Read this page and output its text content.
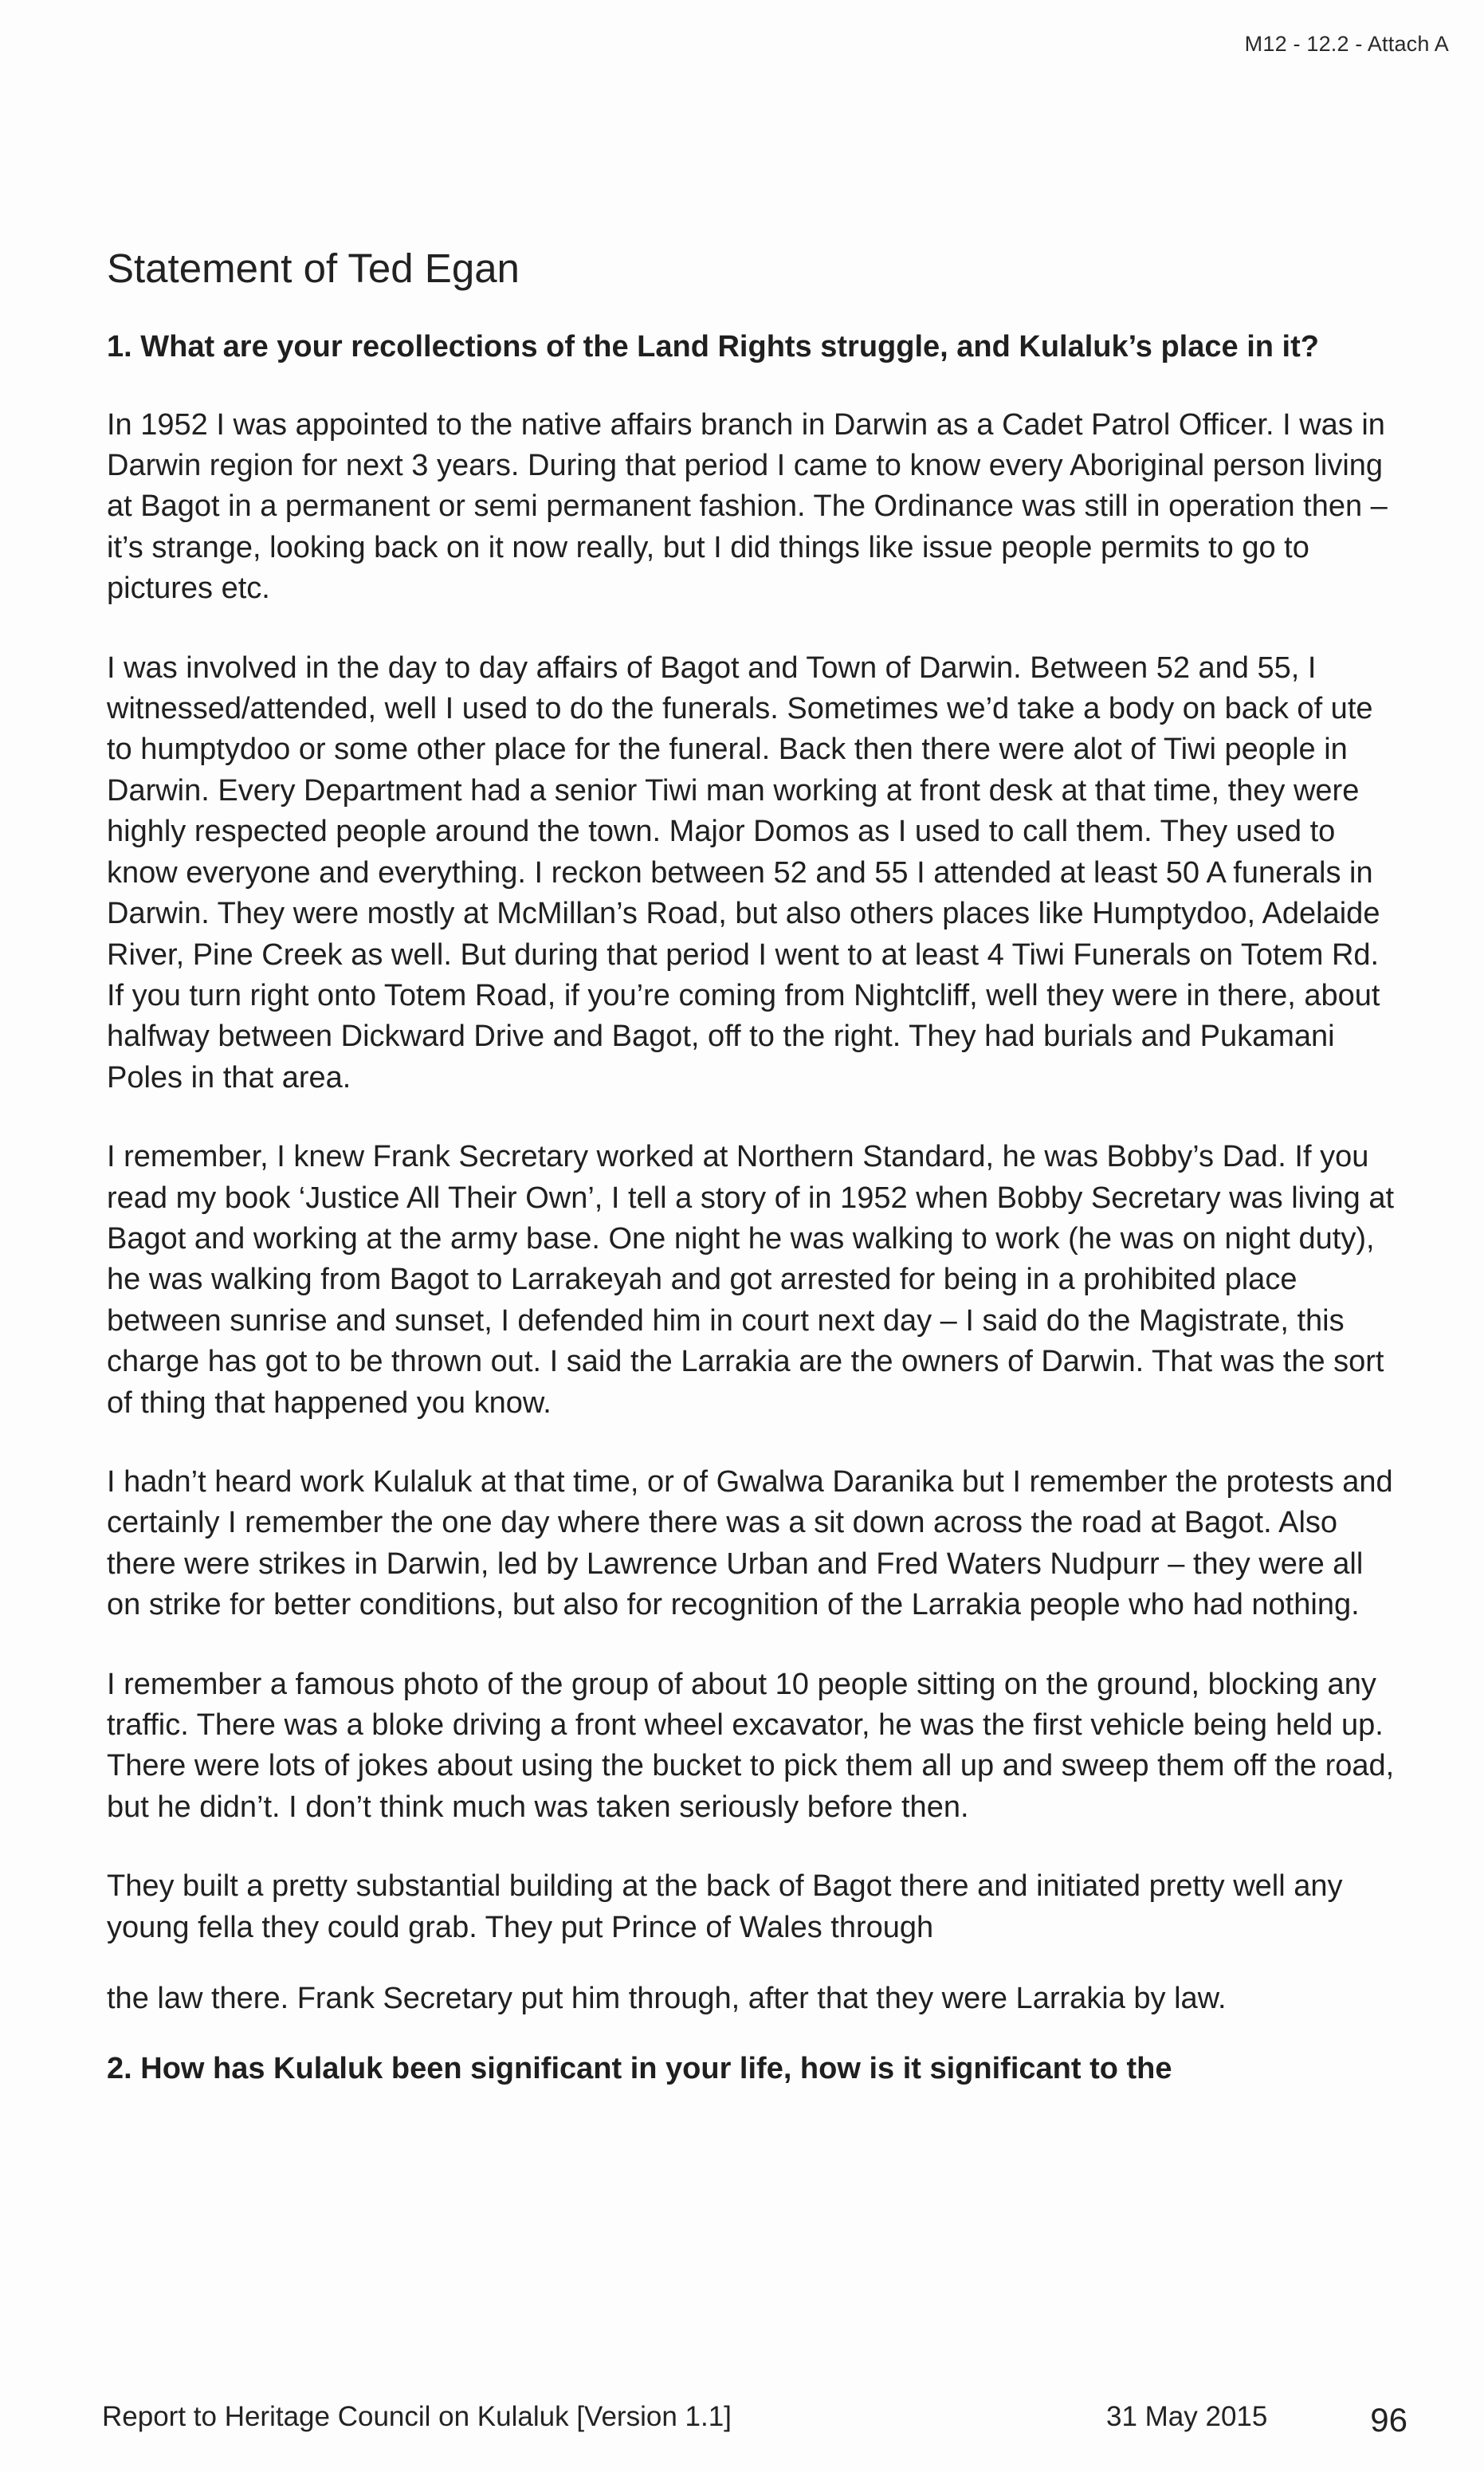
M12 - 12.2 - Attach A
Statement of Ted Egan
1. What are your recollections of the Land Rights struggle, and Kulaluk’s place in it?

In 1952 I was appointed to the native affairs branch in Darwin as a Cadet Patrol Officer. I was in Darwin region for next 3 years. During that period I came to know every Aboriginal person living at Bagot in a permanent or semi permanent fashion. The Ordinance was still in operation then – it’s strange, looking back on it now really, but I did things like issue people permits to go to pictures etc.

I was involved in the day to day affairs of Bagot and Town of Darwin. Between 52 and 55, I witnessed/attended, well I used to do the funerals. Sometimes we’d take a body on back of ute to humptydoo or some other place for the funeral. Back then there were alot of Tiwi people in Darwin. Every Department had a senior Tiwi man working at front desk at that time, they were highly respected people around the town. Major Domos as I used to call them. They used to know everyone and everything. I reckon between 52 and 55 I attended at least 50 A funerals in Darwin. They were mostly at McMillan’s Road, but also others places like Humptydoo, Adelaide River, Pine Creek as well. But during that period I went to at least 4 Tiwi Funerals on Totem Rd. If you turn right onto Totem Road, if you’re coming from Nightcliff, well they were in there, about halfway between Dickward Drive and Bagot, off to the right. They had burials and Pukamani Poles in that area.

I remember, I knew Frank Secretary worked at Northern Standard, he was Bobby’s Dad. If you read my book ‘Justice All Their Own’, I tell a story of in 1952 when Bobby Secretary was living at Bagot and working at the army base. One night he was walking to work (he was on night duty), he was walking from Bagot to Larrakeyah and got arrested for being in a prohibited place between sunrise and sunset, I defended him in court next day – I said do the Magistrate, this charge has got to be thrown out. I said the Larrakia are the owners of Darwin. That was the sort of thing that happened you know.

I hadn’t heard work Kulaluk at that time, or of Gwalwa Daranika but I remember the protests and certainly I remember the one day where there was a sit down across the road at Bagot. Also there were strikes in Darwin, led by Lawrence Urban and Fred Waters Nudpurr – they were all on strike for better conditions, but also for recognition of the Larrakia people who had nothing.

I remember a famous photo of the group of about 10 people sitting on the ground, blocking any traffic. There was a bloke driving a front wheel excavator, he was the first vehicle being held up. There were lots of jokes about using the bucket to pick them all up and sweep them off the road, but he didn’t. I don’t think much was taken seriously before then.

They built a pretty substantial building at the back of Bagot there and initiated pretty well any young fella they could grab. They put Prince of Wales through

the law there. Frank Secretary put him through, after that they were Larrakia by law.

2. How has Kulaluk been significant in your life, how is it significant to the
Report to Heritage Council on Kulaluk [Version 1.1]	31 May 2015	96
